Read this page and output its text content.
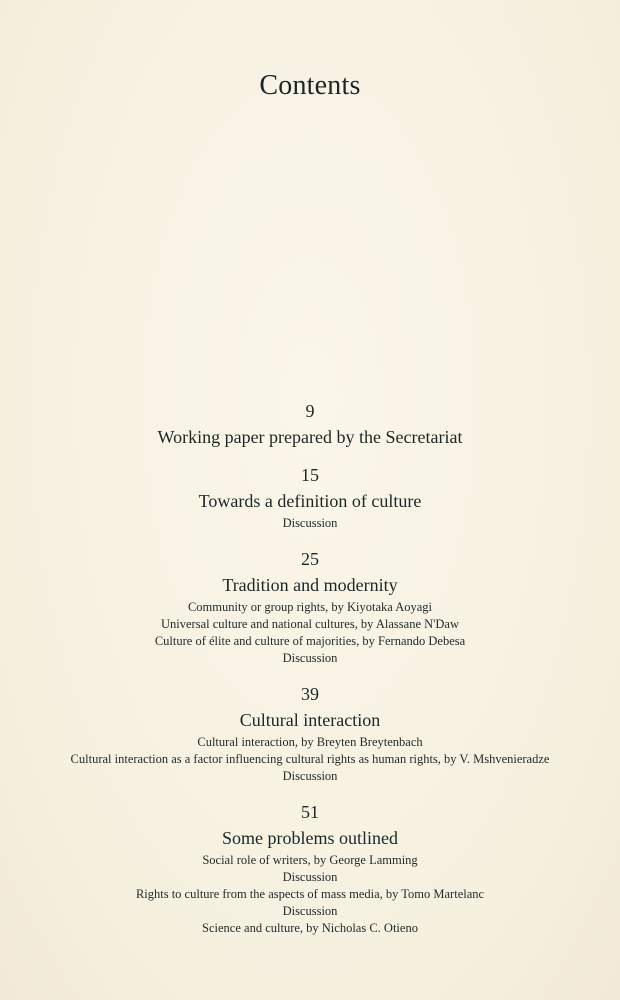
Contents
9
Working paper prepared by the Secretariat
15
Towards a definition of culture
Discussion
25
Tradition and modernity
Community or group rights, by Kiyotaka Aoyagi
Universal culture and national cultures, by Alassane N'Daw
Culture of élite and culture of majorities, by Fernando Debesa
Discussion
39
Cultural interaction
Cultural interaction, by Breyten Breytenbach
Cultural interaction as a factor influencing cultural rights as human rights, by V. Mshvenieradze
Discussion
51
Some problems outlined
Social role of writers, by George Lamming
Discussion
Rights to culture from the aspects of mass media, by Tomo Martelanc
Discussion
Science and culture, by Nicholas C. Otieno
